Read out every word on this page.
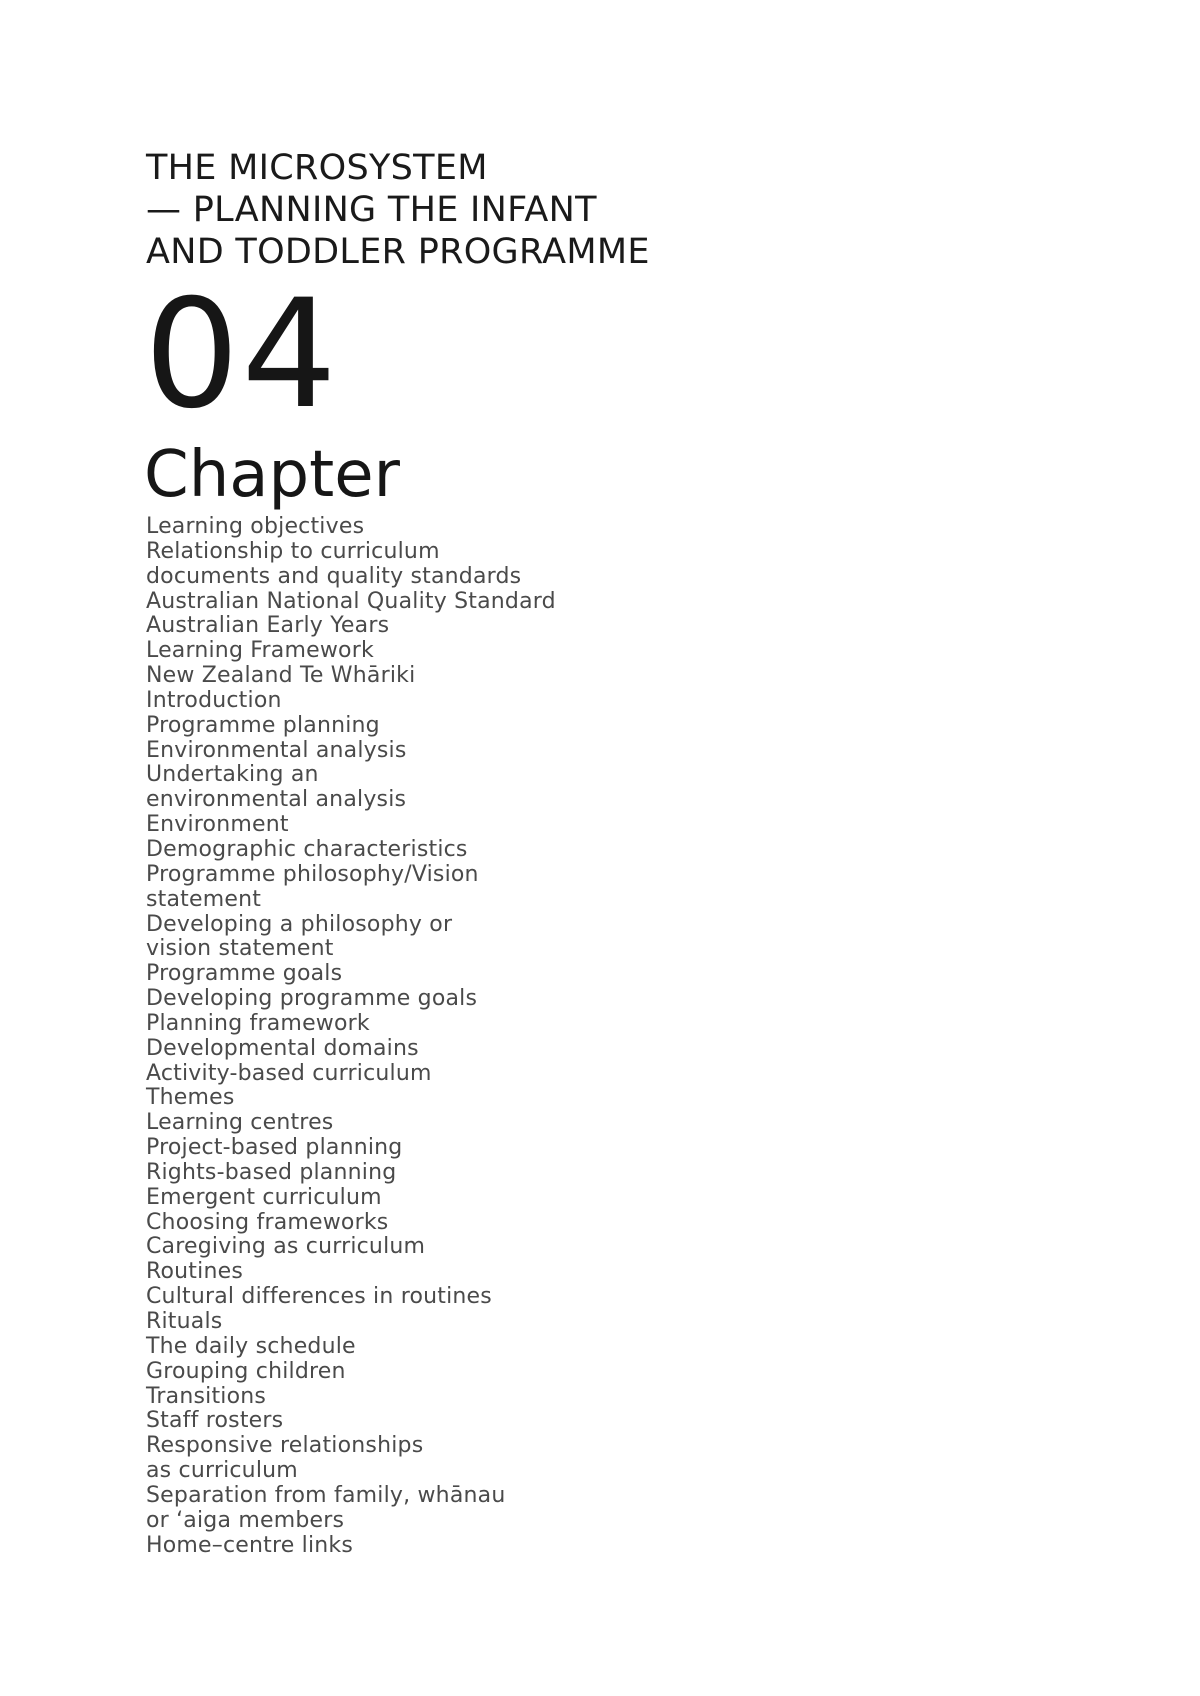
THE MICROSYSTEM
— PLANNING THE INFANT
AND TODDLER PROGRAMME
04
Chapter
Learning objectives
Relationship to curriculum
documents and quality standards
Australian National Quality Standard
Australian Early Years
Learning Framework
New Zealand Te Whāriki
Introduction
Programme planning
Environmental analysis
Undertaking an
environmental analysis
Environment
Demographic characteristics
Programme philosophy/Vision
statement
Developing a philosophy or
vision statement
Programme goals
Developing programme goals
Planning framework
Developmental domains
Activity-based curriculum
Themes
Learning centres
Project-based planning
Rights-based planning
Emergent curriculum
Choosing frameworks
Caregiving as curriculum
Routines
Cultural differences in routines
Rituals
The daily schedule
Grouping children
Transitions
Staff rosters
Responsive relationships
as curriculum
Separation from family, whānau
or ‘aiga members
Home–centre links
